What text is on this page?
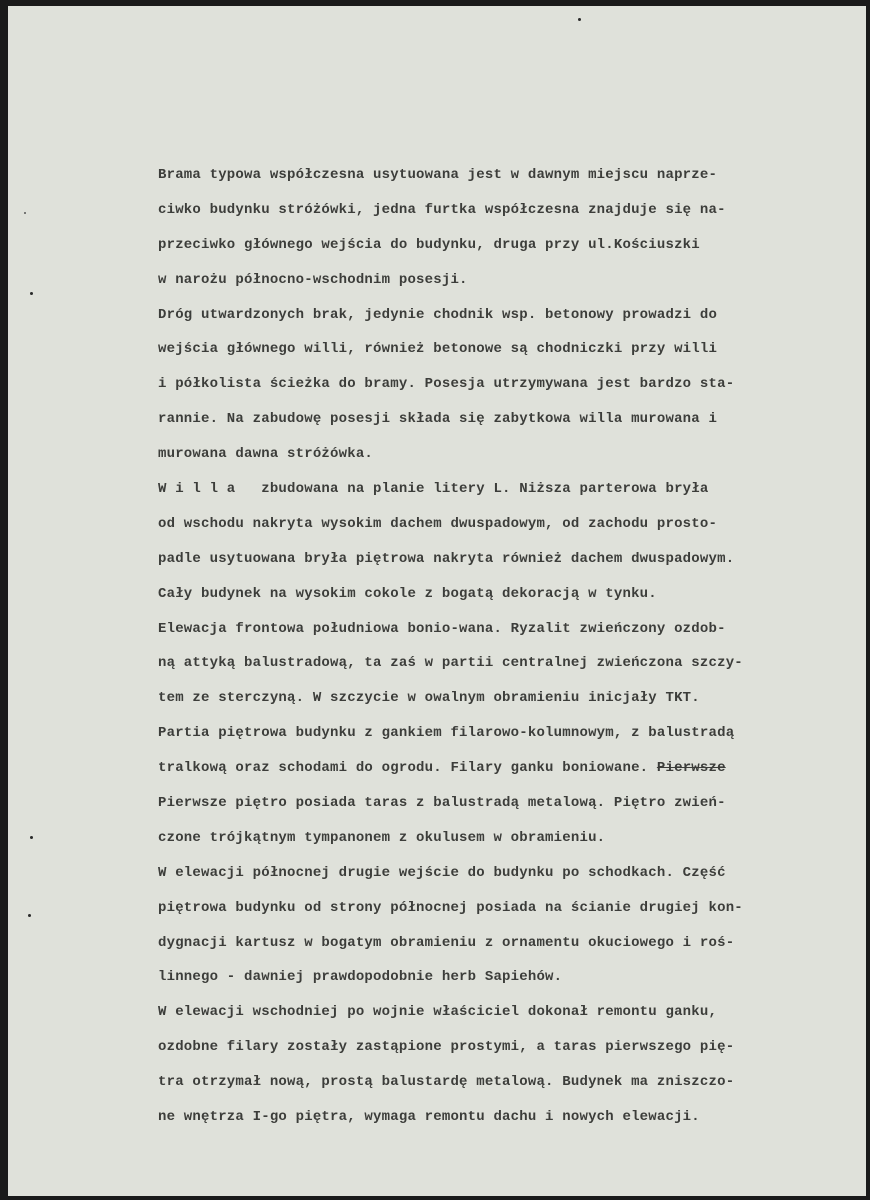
Brama typowa współczesna usytuowana jest w dawnym miejscu naprze-
ciwko budynku stróżówki, jedna furtka współczesna znajduje się na-
przeciwko głównego wejścia do budynku, druga przy ul.Kościuszki
w narożu północno-wschodnim posesji.
Dróg utwardzonych brak, jedynie chodnik wsp. betonowy prowadzi do
wejścia głównego willi, również betonowe są chodniczki przy willi
i półkolista ścieżka do bramy. Posesja utrzymywana jest bardzo sta-
rannie. Na zabudowę posesji składa się zabytkowa willa murowana i
murowana dawna stróżówka.
W i l l a   zbudowana na planie litery L. Niższa parterowa bryła
od wschodu nakryta wysokim dachem dwuspadowym, od zachodu prosto-
padle usytuowana bryła piętrowa nakryta również dachem dwuspadowym.
Cały budynek na wysokim cokole z bogatą dekoracją w tynku.
Elewacja frontowa południowa bonio-wana. Ryzalit zwieńczony ozdob-
ną attyką balustradową, ta zaś w partii centralnej zwieńczona szczy-
tem ze sterczyną. W szczycie w owalnym obramieniu inicjały TKT.
Partia piętrowa budynku z gankiem filarowo-kolumnowym, z balustradą
tralkową oraz schodami do ogrodu. Filary ganku boniowane. Pierwsze
Pierwsze piętro posiada taras z balustradą metalową. Piętro zwień-
czone trójkątnym tympanonem z okulusem w obramieniu.
W elewacji północnej drugie wejście do budynku po schodkach. Część
piętrowa budynku od strony północnej posiada na ścianie drugiej kon-
dygnacji kartusz w bogatym obramieniu z ornamentu okuciowego i roś-
linnego - dawniej prawdopodobnie herb Sapiehów.
W elewacji wschodniej po wojnie właściciel dokonał remontu ganku,
ozdobne filary zostały zastąpione prostymi, a taras pierwszego pię-
tra otrzymał nową, prostą balustardę metalową. Budynek ma zniszczo-
ne wnętrza I-go piętra, wymaga remontu dachu i nowych elewacji.
